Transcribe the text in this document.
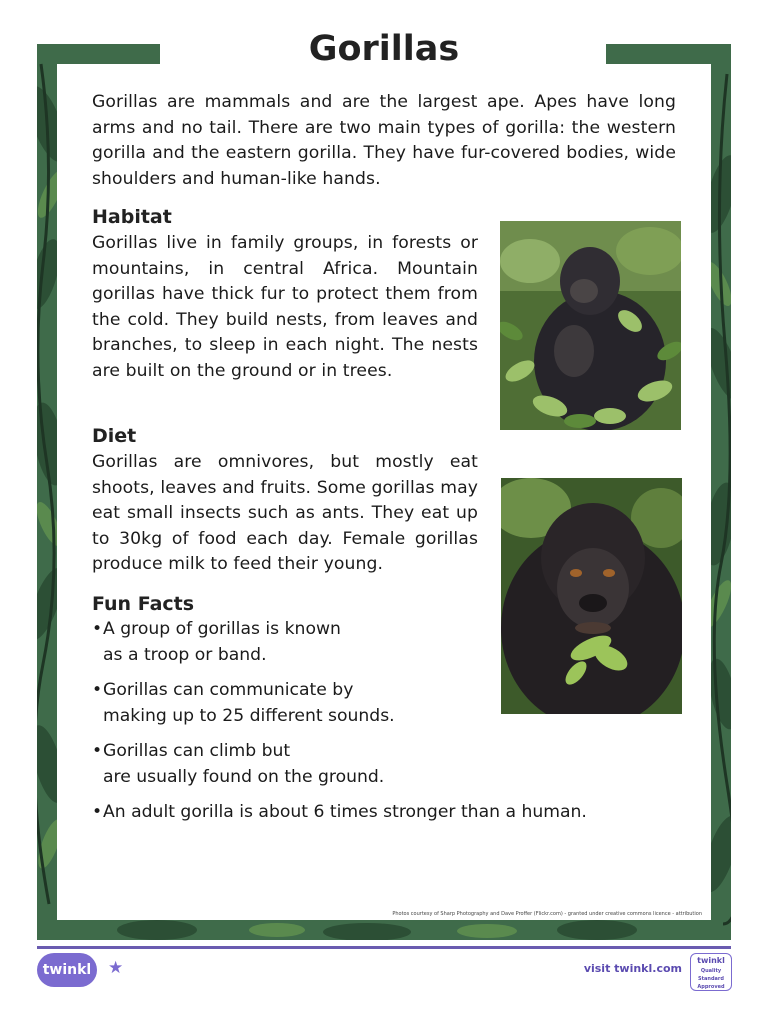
Gorillas

Gorillas are mammals and are the largest ape. Apes have long arms and no tail. There are two main types of gorilla: the western gorilla and the eastern gorilla. They have fur-covered bodies, wide shoulders and human-like hands.

Habitat

Gorillas live in family groups, in forests or mountains, in central Africa. Mountain gorillas have thick fur to protect them from the cold. They build nests, from leaves and branches, to sleep in each night. The nests are built on the ground or in trees.

Diet

Gorillas are omnivores, but mostly eat shoots, leaves and fruits. Some gorillas may eat small insects such as ants. They eat up to 30kg of food each day. Female gorillas produce milk to feed their young.

Fun Facts

•A group of gorillas is known
as a troop or band.

•Gorillas can communicate by
making up to 25 different sounds.

•Gorillas can climb but
are usually found on the ground.

•An adult gorilla is about 6 times stronger than a human.

Photos courtesy of Sharp Photography and Dave Proffer (Flickr.com) - granted under creative commons licence - attribution
twinkl ★	visit twinkl.com
twinkl
Quality Standard
Approved
